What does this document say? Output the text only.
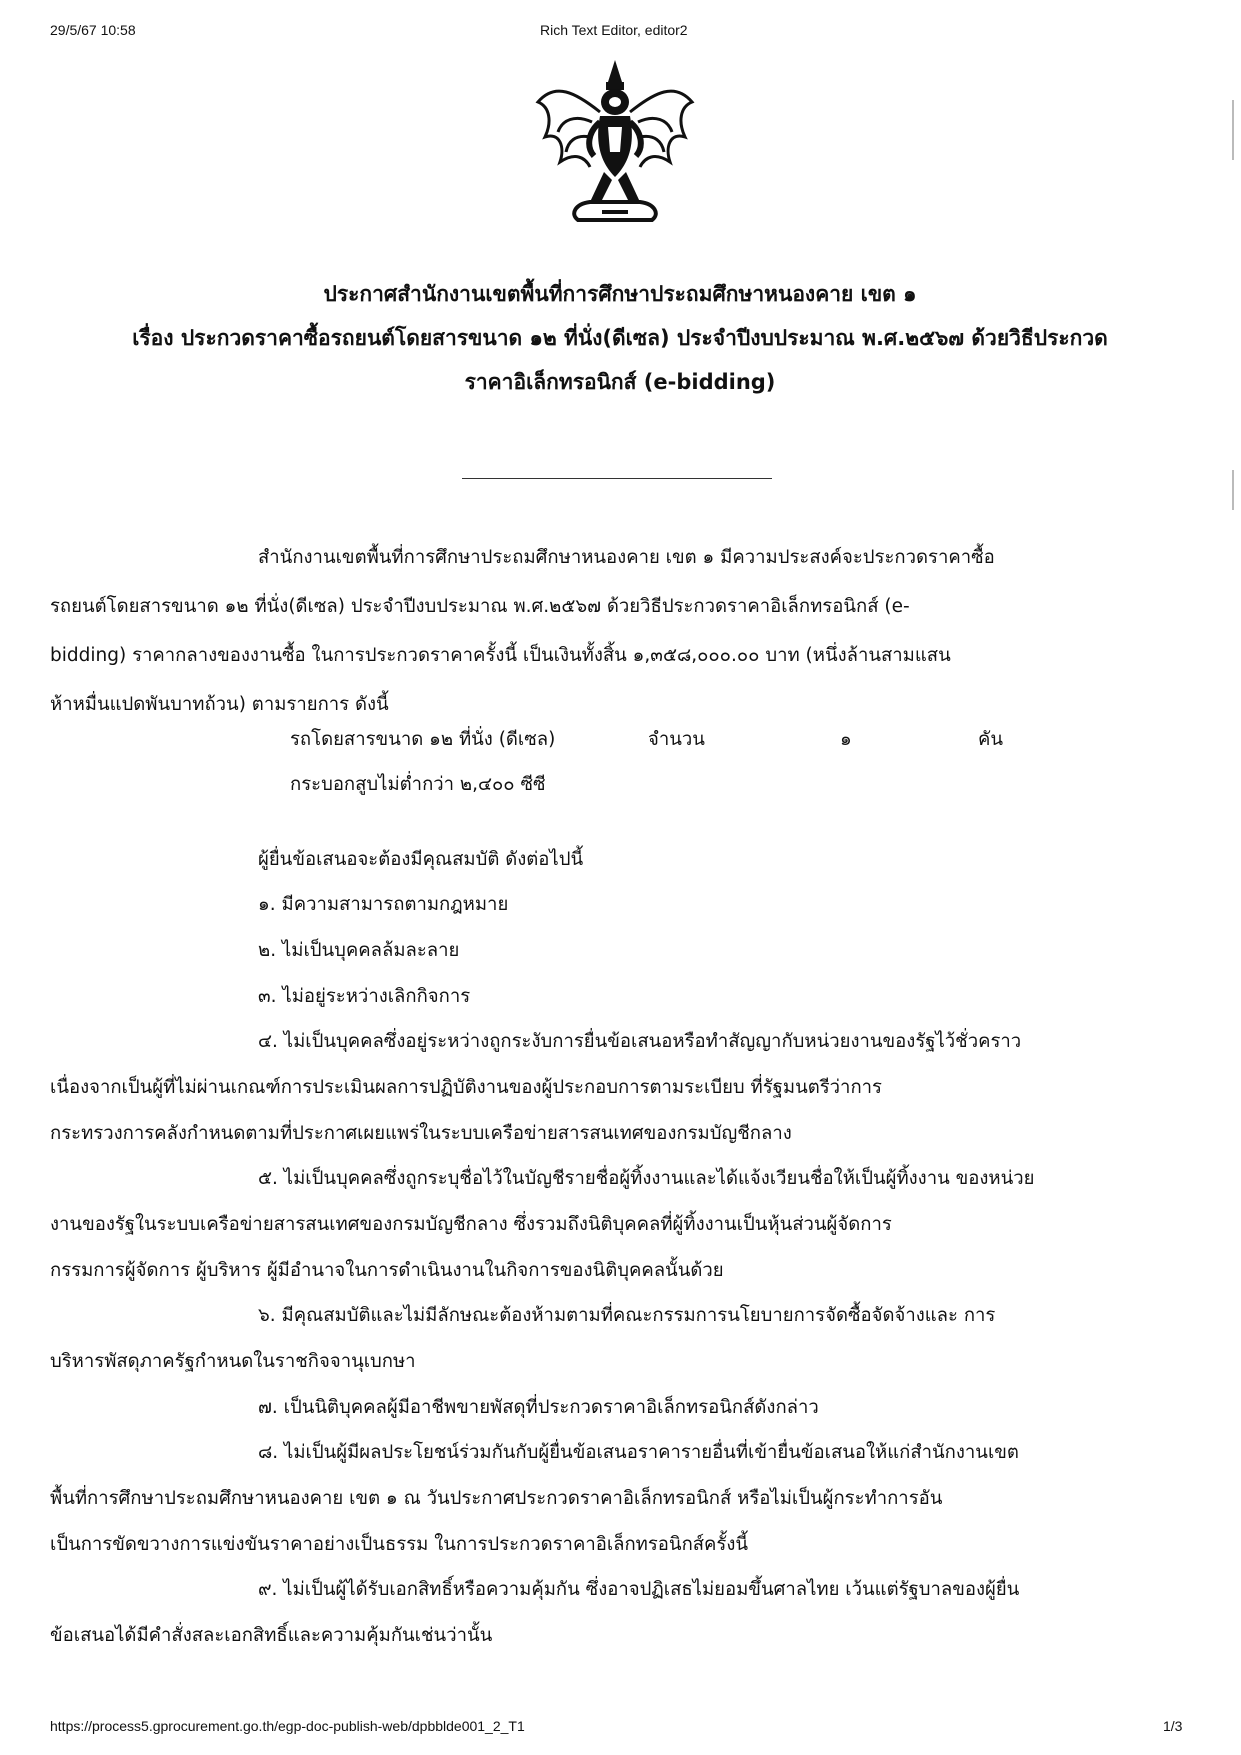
29/5/67 10:58	Rich Text Editor, editor2
ประกาศสำนักงานเขตพื้นที่การศึกษาประถมศึกษาหนองคาย เขต ๑
เรื่อง ประกวดราคาซื้อรถยนต์โดยสารขนาด ๑๒ ที่นั่ง(ดีเซล) ประจำปีงบประมาณ พ.ศ.๒๕๖๗ ด้วยวิธีประกวด
ราคาอิเล็กทรอนิกส์ (e-bidding)
สำนักงานเขตพื้นที่การศึกษาประถมศึกษาหนองคาย เขต ๑ มีความประสงค์จะประกวดราคาซื้อ
รถยนต์โดยสารขนาด ๑๒ ที่นั่ง(ดีเซล) ประจำปีงบประมาณ พ.ศ.๒๕๖๗ ด้วยวิธีประกวดราคาอิเล็กทรอนิกส์ (e-
bidding) ราคากลางของงานซื้อ ในการประกวดราคาครั้งนี้ เป็นเงินทั้งสิ้น ๑,๓๕๘,๐๐๐.๐๐ บาท (หนึ่งล้านสามแสน
ห้าหมื่นแปดพันบาทถ้วน) ตามรายการ ดังนี้
รถโดยสารขนาด ๑๒ ที่นั่ง (ดีเซล)	จำนวน	๑	คัน
กระบอกสูบไม่ต่ำกว่า ๒,๔๐๐ ซีซี
ผู้ยื่นข้อเสนอจะต้องมีคุณสมบัติ ดังต่อไปนี้
๑. มีความสามารถตามกฎหมาย
๒. ไม่เป็นบุคคลล้มละลาย
๓. ไม่อยู่ระหว่างเลิกกิจการ
๔. ไม่เป็นบุคคลซึ่งอยู่ระหว่างถูกระงับการยื่นข้อเสนอหรือทำสัญญากับหน่วยงานของรัฐไว้ชั่วคราว
เนื่องจากเป็นผู้ที่ไม่ผ่านเกณฑ์การประเมินผลการปฏิบัติงานของผู้ประกอบการตามระเบียบ ที่รัฐมนตรีว่าการ
กระทรวงการคลังกำหนดตามที่ประกาศเผยแพร่ในระบบเครือข่ายสารสนเทศของกรมบัญชีกลาง
๕. ไม่เป็นบุคคลซึ่งถูกระบุชื่อไว้ในบัญชีรายชื่อผู้ทิ้งงานและได้แจ้งเวียนชื่อให้เป็นผู้ทิ้งงาน ของหน่วย
งานของรัฐในระบบเครือข่ายสารสนเทศของกรมบัญชีกลาง ซึ่งรวมถึงนิติบุคคลที่ผู้ทิ้งงานเป็นหุ้นส่วนผู้จัดการ
กรรมการผู้จัดการ ผู้บริหาร ผู้มีอำนาจในการดำเนินงานในกิจการของนิติบุคคลนั้นด้วย
๖. มีคุณสมบัติและไม่มีลักษณะต้องห้ามตามที่คณะกรรมการนโยบายการจัดซื้อจัดจ้างและ การ
บริหารพัสดุภาครัฐกำหนดในราชกิจจานุเบกษา
๗. เป็นนิติบุคคลผู้มีอาชีพขายพัสดุที่ประกวดราคาอิเล็กทรอนิกส์ดังกล่าว
๘. ไม่เป็นผู้มีผลประโยชน์ร่วมกันกับผู้ยื่นข้อเสนอราคารายอื่นที่เข้ายื่นข้อเสนอให้แก่สำนักงานเขต
พื้นที่การศึกษาประถมศึกษาหนองคาย เขต ๑ ณ วันประกาศประกวดราคาอิเล็กทรอนิกส์ หรือไม่เป็นผู้กระทำการอัน
เป็นการขัดขวางการแข่งขันราคาอย่างเป็นธรรม ในการประกวดราคาอิเล็กทรอนิกส์ครั้งนี้
๙. ไม่เป็นผู้ได้รับเอกสิทธิ์หรือความคุ้มกัน ซึ่งอาจปฏิเสธไม่ยอมขึ้นศาลไทย เว้นแต่รัฐบาลของผู้ยื่น
ข้อเสนอได้มีคำสั่งสละเอกสิทธิ์และความคุ้มกันเช่นว่านั้น
https://process5.gprocurement.go.th/egp-doc-publish-web/dpbblde001_2_T1	1/3
